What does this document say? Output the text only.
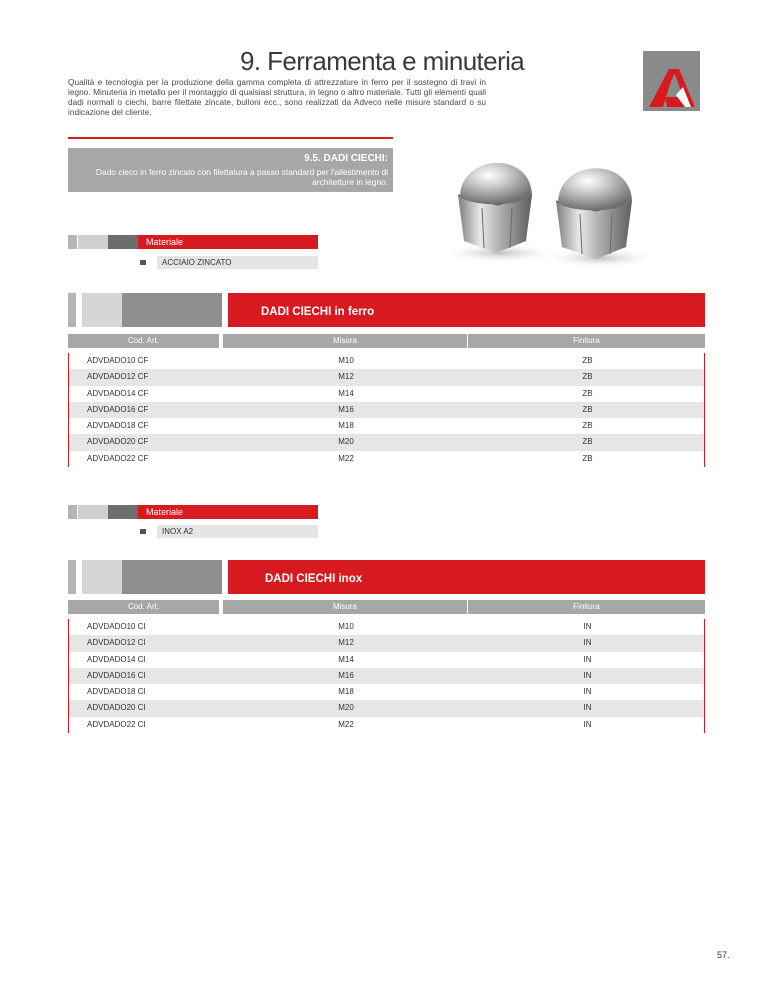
9. Ferramenta e minuteria
Qualità e tecnologia per la produzione della gamma completa di attrezzature in ferro per il sostegno di travi in legno. Minuteria in metallo per il montaggio di qualsiasi struttura, in legno o altro materiale. Tutti gli elementi quali dadi normali o ciechi, barre filettate zincate, bulloni ecc., sono realizzati da Adveco nelle misure standard o su indicazione del cliente.
9.5. DADI CIECHI:
Dado cieco in ferro zincato con filettatura a passo standard per l'allestimento di architetture in legno.
Materiale
ACCIAIO ZINCATO
DADI CIECHI in ferro
Cod. Art.	Misura	Finitura
ADVDADO10 CF	M10	ZB
ADVDADO12 CF	M12	ZB
ADVDADO14 CF	M14	ZB
ADVDADO16 CF	M16	ZB
ADVDADO18 CF	M18	ZB
ADVDADO20 CF	M20	ZB
ADVDADO22 CF	M22	ZB
Materiale
INOX A2
DADI CIECHI inox
Cod. Art.	Misura	Finitura
ADVDADO10 CI	M10	IN
ADVDADO12 CI	M12	IN
ADVDADO14 CI	M14	IN
ADVDADO16 CI	M16	IN
ADVDADO18 CI	M18	IN
ADVDADO20 CI	M20	IN
ADVDADO22 CI	M22	IN
57.
